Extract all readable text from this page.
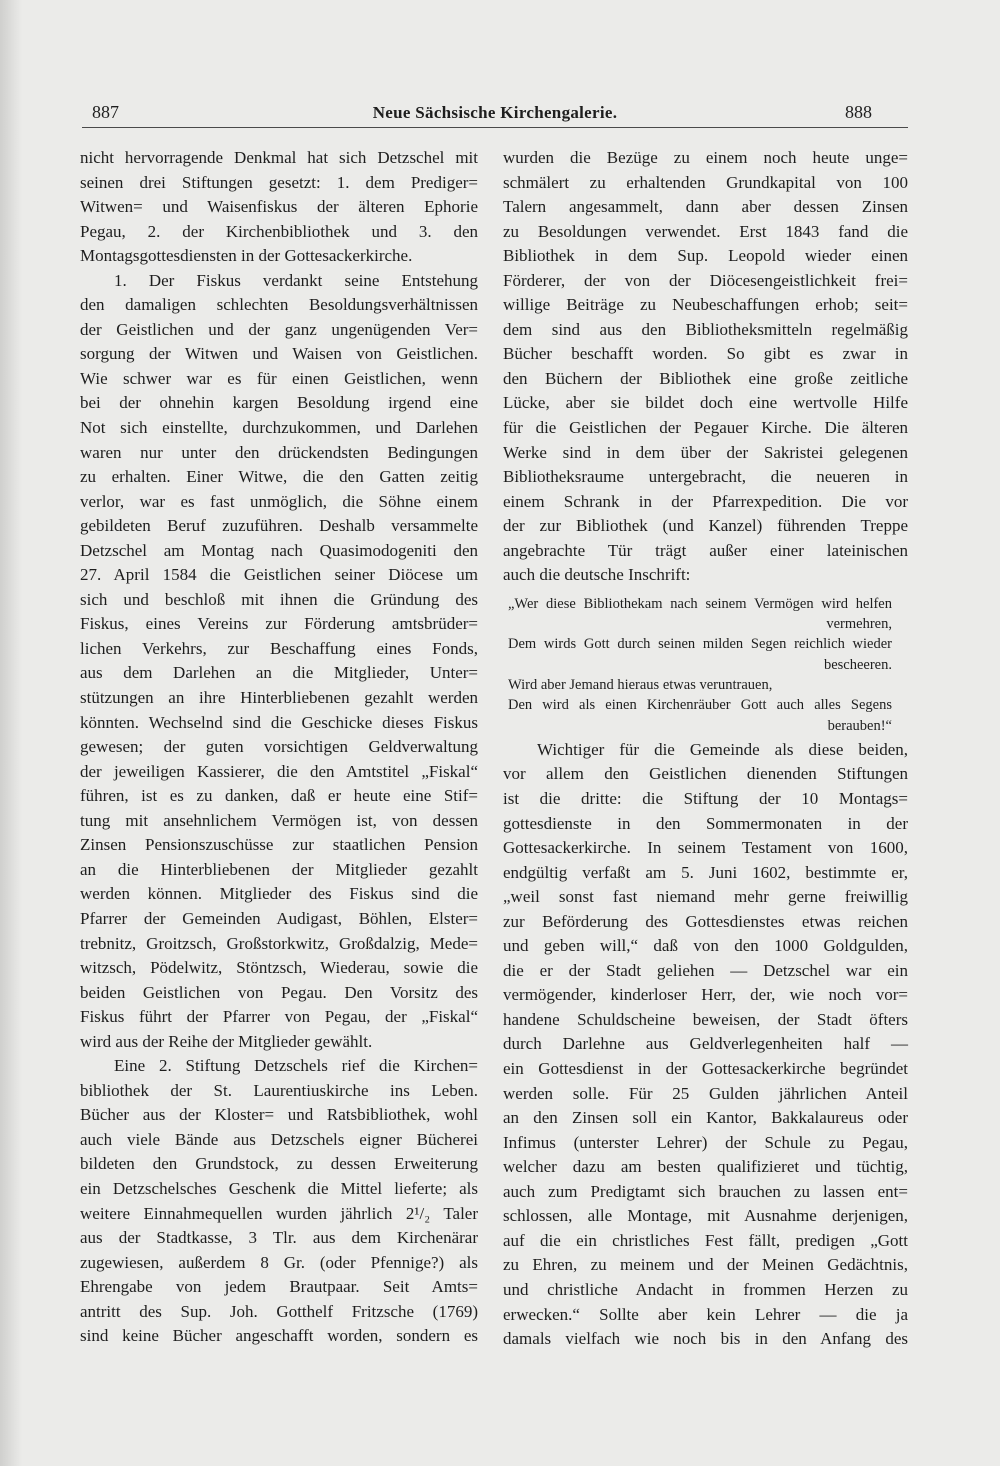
887	Neue Sächsische Kirchengalerie.	888
nicht hervorragende Denkmal hat sich Detzschel mit
seinen drei Stiftungen gesetzt: 1. dem Prediger=
Witwen= und Waisenfiskus der älteren Ephorie
Pegau, 2. der Kirchenbibliothek und 3. den
Montagsgottesdiensten in der Gottesackerkirche.
1. Der Fiskus verdankt seine Entstehung
den damaligen schlechten Besoldungsverhältnissen
der Geistlichen und der ganz ungenügenden Ver=
sorgung der Witwen und Waisen von Geistlichen.
Wie schwer war es für einen Geistlichen, wenn
bei der ohnehin kargen Besoldung irgend eine
Not sich einstellte, durchzukommen, und Darlehen
waren nur unter den drückendsten Bedingungen
zu erhalten. Einer Witwe, die den Gatten zeitig
verlor, war es fast unmöglich, die Söhne einem
gebildeten Beruf zuzuführen. Deshalb versammelte
Detzschel am Montag nach Quasimodogeniti den
27. April 1584 die Geistlichen seiner Diöcese um
sich und beschloß mit ihnen die Gründung des
Fiskus, eines Vereins zur Förderung amtsbrüder=
lichen Verkehrs, zur Beschaffung eines Fonds,
aus dem Darlehen an die Mitglieder, Unter=
stützungen an ihre Hinterbliebenen gezahlt werden
könnten. Wechselnd sind die Geschicke dieses Fiskus
gewesen; der guten vorsichtigen Geldverwaltung
der jeweiligen Kassierer, die den Amtstitel „Fiskal“
führen, ist es zu danken, daß er heute eine Stif=
tung mit ansehnlichem Vermögen ist, von dessen
Zinsen Pensionszuschüsse zur staatlichen Pension
an die Hinterbliebenen der Mitglieder gezahlt
werden können. Mitglieder des Fiskus sind die
Pfarrer der Gemeinden Audigast, Böhlen, Elster=
trebnitz, Groitzsch, Großstorkwitz, Großdalzig, Mede=
witzsch, Pödelwitz, Stöntzsch, Wiederau, sowie die
beiden Geistlichen von Pegau. Den Vorsitz des
Fiskus führt der Pfarrer von Pegau, der „Fiskal“
wird aus der Reihe der Mitglieder gewählt.
Eine 2. Stiftung Detzschels rief die Kirchen=
bibliothek der St. Laurentiuskirche ins Leben.
Bücher aus der Kloster= und Ratsbibliothek, wohl
auch viele Bände aus Detzschels eigner Bücherei
bildeten den Grundstock, zu dessen Erweiterung
ein Detzschelsches Geschenk die Mittel lieferte; als
weitere Einnahmequellen wurden jährlich 2¹/₂ Taler
aus der Stadtkasse, 3 Tlr. aus dem Kirchenärar
zugewiesen, außerdem 8 Gr. (oder Pfennige?) als
Ehrengabe von jedem Brautpaar. Seit Amts=
antritt des Sup. Joh. Gotthelf Fritzsche (1769)
sind keine Bücher angeschafft worden, sondern es
wurden die Bezüge zu einem noch heute unge=
schmälert zu erhaltenden Grundkapital von 100
Talern angesammelt, dann aber dessen Zinsen
zu Besoldungen verwendet. Erst 1843 fand die
Bibliothek in dem Sup. Leopold wieder einen
Förderer, der von der Diöcesengeistlichkeit frei=
willige Beiträge zu Neubeschaffungen erhob; seit=
dem sind aus den Bibliotheksmitteln regelmäßig
Bücher beschafft worden. So gibt es zwar in
den Büchern der Bibliothek eine große zeitliche
Lücke, aber sie bildet doch eine wertvolle Hilfe
für die Geistlichen der Pegauer Kirche. Die älteren
Werke sind in dem über der Sakristei gelegenen
Bibliotheksraume untergebracht, die neueren in
einem Schrank in der Pfarrexpedition. Die vor
der zur Bibliothek (und Kanzel) führenden Treppe
angebrachte Tür trägt außer einer lateinischen
auch die deutsche Inschrift:
„Wer diese Bibliothekam nach seinem Vermögen wird helfen
vermehren,
Dem wirds Gott durch seinen milden Segen reichlich wieder
bescheeren.
Wird aber Jemand hieraus etwas veruntrauen,
Den wird als einen Kirchenräuber Gott auch alles Segens
berauben!“
Wichtiger für die Gemeinde als diese beiden,
vor allem den Geistlichen dienenden Stiftungen
ist die dritte: die Stiftung der 10 Montags=
gottesdienste in den Sommermonaten in der
Gottesackerkirche. In seinem Testament von 1600,
endgültig verfaßt am 5. Juni 1602, bestimmte er,
„weil sonst fast niemand mehr gerne freiwillig
zur Beförderung des Gottesdienstes etwas reichen
und geben will,“ daß von den 1000 Goldgulden,
die er der Stadt geliehen — Detzschel war ein
vermögender, kinderloser Herr, der, wie noch vor=
handene Schuldscheine beweisen, der Stadt öfters
durch Darlehne aus Geldverlegenheiten half —
ein Gottesdienst in der Gottesackerkirche begründet
werden solle. Für 25 Gulden jährlichen Anteil
an den Zinsen soll ein Kantor, Bakkalaureus oder
Infimus (unterster Lehrer) der Schule zu Pegau,
welcher dazu am besten qualifizieret und tüchtig,
auch zum Predigtamt sich brauchen zu lassen ent=
schlossen, alle Montage, mit Ausnahme derjenigen,
auf die ein christliches Fest fällt, predigen „Gott
zu Ehren, zu meinem und der Meinen Gedächtnis,
und christliche Andacht in frommen Herzen zu
erwecken.“ Sollte aber kein Lehrer — die ja
damals vielfach wie noch bis in den Anfang des
